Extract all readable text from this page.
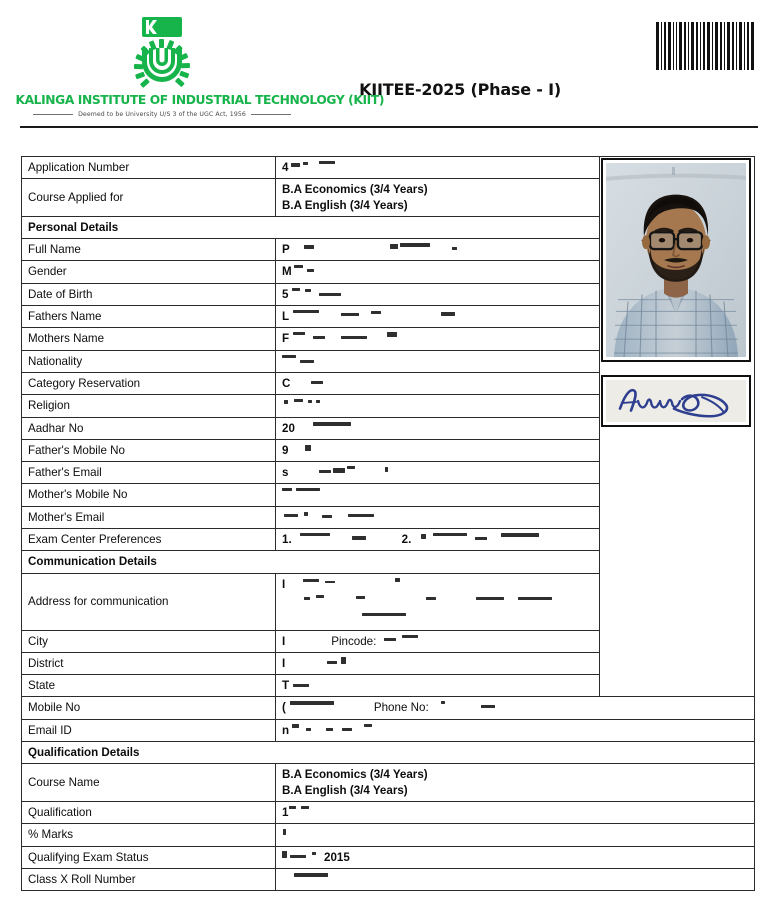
KALINGA INSTITUTE OF INDUSTRIAL TECHNOLOGY (KIIT)
Deemed to be University U/S 3 of the UGC Act, 1956
KIITEE-2025 (Phase - I)
Application Number	4

Course Applied for	B.A Economics (3/4 Years)
B.A English (3/4 Years)	

Personal Details		
Full Name	P	

Gender	M	

Date of Birth	5	

Fathers Name	L	

Mothers Name	F	

Nationality		

Category Reservation	C	

Religion		

Aadhar No	20	

Father's Mobile No	9	

Father's Email	s	

Mother's Mobile No		

Mother's Email		

Exam Center Preferences	1. 2.	

Communication Details		
Address for communication	I	

City	I Pincode:	

District	I	

State	T	

Mobile No	( Phone No:	

Email ID	n	

Qualification Details		
Course Name	B.A Economics (3/4 Years)
B.A English (3/4 Years)	

Qualification	1	

% Marks		

Qualifying Exam Status	2015	
Class X Roll Number		
